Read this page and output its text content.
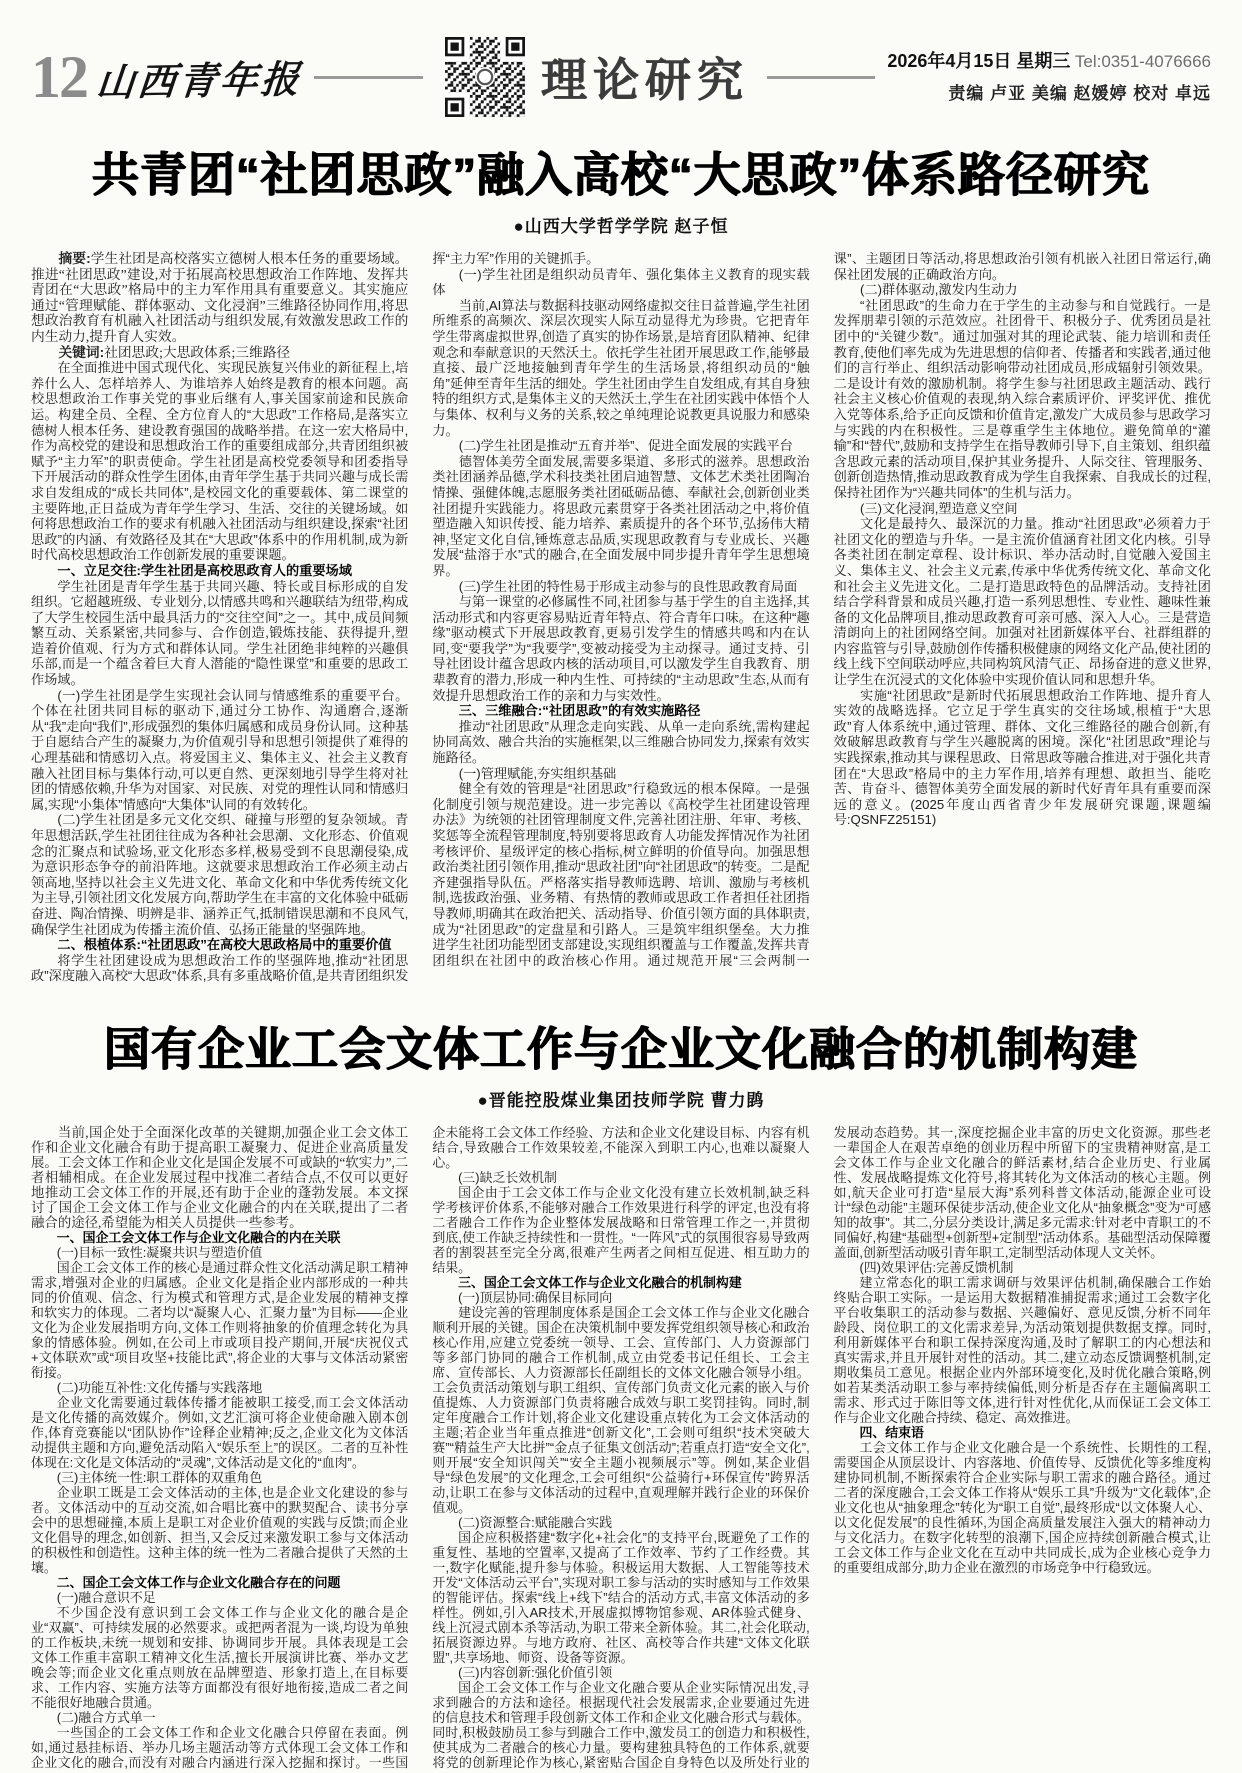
12 山西青年报	理论研究	2026年4月15日 星期三 Tel:0351-4076666
责编 卢亚 美编 赵媛婷 校对 卓远
共青团“社团思政”融入高校“大思政”体系路径研究
●山西大学哲学学院 赵子恒

摘要:学生社团是高校落实立德树人根本任务的重要场域。推进“社团思政”建设,对于拓展高校思想政治工作阵地、发挥共青团在“大思政”格局中的主力军作用具有重要意义。其实施应通过“管理赋能、群体驱动、文化浸润”三维路径协同作用,将思想政治教育有机融入社团活动与组织发展,有效激发思政工作的内生动力,提升育人实效。

关键词:社团思政;大思政体系;三维路径

在全面推进中国式现代化、实现民族复兴伟业的新征程上,培养什么人、怎样培养人、为谁培养人始终是教育的根本问题。高校思想政治工作事关党的事业后继有人,事关国家前途和民族命运。构建全员、全程、全方位育人的“大思政”工作格局,是落实立德树人根本任务、建设教育强国的战略举措。在这一宏大格局中,作为高校党的建设和思想政治工作的重要组成部分,共青团组织被赋予“主力军”的职责使命。学生社团是高校党委领导和团委指导下开展活动的群众性学生团体,由青年学生基于共同兴趣与成长需求自发组成的“成长共同体”,是校园文化的重要载体、第二课堂的主要阵地,正日益成为青年学生学习、生活、交往的关键场域。如何将思想政治工作的要求有机融入社团活动与组织建设,探索“社团思政”的内涵、有效路径及其在“大思政”体系中的作用机制,成为新时代高校思想政治工作创新发展的重要课题。

一、立足交往:学生社团是高校思政育人的重要场域

学生社团是青年学生基于共同兴趣、特长或目标形成的自发组织。它超越班级、专业划分,以情感共鸣和兴趣联结为纽带,构成了大学生校园生活中最具活力的“交往空间”之一。其中,成员间频繁互动、关系紧密,共同参与、合作创造,锻炼技能、获得提升,塑造着价值观、行为方式和群体认同。学生社团绝非纯粹的兴趣俱乐部,而是一个蕴含着巨大育人潜能的“隐性课堂”和重要的思政工作场域。

(一)学生社团是学生实现社会认同与情感维系的重要平台。个体在社团共同目标的驱动下,通过分工协作、沟通磨合,逐渐从“我”走向“我们”,形成强烈的集体归属感和成员身份认同。这种基于自愿结合产生的凝聚力,为价值观引导和思想引领提供了难得的心理基础和情感切入点。将爱国主义、集体主义、社会主义教育融入社团目标与集体行动,可以更自然、更深刻地引导学生将对社团的情感依赖,升华为对国家、对民族、对党的理性认同和情感归属,实现“小集体”情感向“大集体”认同的有效转化。

(二)学生社团是多元文化交织、碰撞与形塑的复杂领域。青年思想活跃,学生社团往往成为各种社会思潮、文化形态、价值观念的汇聚点和试验场,亚文化形态多样,极易受到不良思潮侵染,成为意识形态争夺的前沿阵地。这就要求思想政治工作必须主动占领高地,坚持以社会主义先进文化、革命文化和中华优秀传统文化为主导,引领社团文化发展方向,帮助学生在丰富的文化体验中砥砺奋进、陶冶情操、明辨是非、涵养正气,抵制错误思潮和不良风气,确保学生社团成为传播主流价值、弘扬正能量的坚强阵地。

二、根植体系:“社团思政”在高校大思政格局中的重要价值

将学生社团建设成为思想政治工作的坚强阵地,推动“社团思政”深度融入高校“大思政”体系,具有多重战略价值,是共青团组织发挥“主力军”作用的关键抓手。

(一)学生社团是组织动员青年、强化集体主义教育的现实载体

当前,AI算法与数据科技驱动网络虚拟交往日益普遍,学生社团所维系的高频次、深层次现实人际互动显得尤为珍贵。它把青年学生带离虚拟世界,创造了真实的协作场景,是培育团队精神、纪律观念和奉献意识的天然沃土。依托学生社团开展思政工作,能够最直接、最广泛地接触到青年学生的生活场景,将组织动员的“触角”延伸至青年生活的细处。学生社团由学生自发组成,有其自身独特的组织方式,是集体主义的天然沃土,学生在社团实践中体悟个人与集体、权利与义务的关系,较之单纯理论说教更具说服力和感染力。

(二)学生社团是推动“五育并举”、促进全面发展的实践平台

德智体美劳全面发展,需要多渠道、多形式的滋养。思想政治类社团涵养品德,学术科技类社团启迪智慧、文体艺术类社团陶冶情操、强健体魄,志愿服务类社团砥砺品德、奉献社会,创新创业类社团提升实践能力。将思政元素贯穿于各类社团活动之中,将价值塑造融入知识传授、能力培养、素质提升的各个环节,弘扬伟大精神,坚定文化自信,锤炼意志品质,实现思政教育与专业成长、兴趣发展“盐溶于水”式的融合,在全面发展中同步提升青年学生思想境界。

(三)学生社团的特性易于形成主动参与的良性思政教育局面

与第一课堂的必修属性不同,社团参与基于学生的自主选择,其活动形式和内容更容易贴近青年特点、符合青年口味。在这种“趣缘”驱动模式下开展思政教育,更易引发学生的情感共鸣和内在认同,变“要我学”为“我要学”,变被动接受为主动探寻。通过支持、引导社团设计蕴含思政内核的活动项目,可以激发学生自我教育、朋辈教育的潜力,形成一种内生性、可持续的“主动思政”生态,从而有效提升思想政治工作的亲和力与实效性。

三、三维融合:“社团思政”的有效实施路径

推动“社团思政”从理念走向实践、从单一走向系统,需构建起协同高效、融合共治的实施框架,以三维融合协同发力,探索有效实施路径。

(一)管理赋能,夯实组织基础

健全有效的管理是“社团思政”行稳致远的根本保障。一是强化制度引领与规范建设。进一步完善以《高校学生社团建设管理办法》为统领的社团管理制度文件,完善社团注册、年审、考核、奖惩等全流程管理制度,特别要将思政育人功能发挥情况作为社团考核评价、星级评定的核心指标,树立鲜明的价值导向。加强思想政治类社团引领作用,推动“思政社团”向“社团思政”的转变。二是配齐建强指导队伍。严格落实指导教师选聘、培训、激励与考核机制,选拔政治强、业务精、有热情的教师或思政工作者担任社团指导教师,明确其在政治把关、活动指导、价值引领方面的具体职责,成为“社团思政”的定盘星和引路人。三是筑牢组织堡垒。大力推进学生社团功能型团支部建设,实现组织覆盖与工作覆盖,发挥共青团组织在社团中的政治核心作用。通过规范开展“三会两制一课”、主题团日等活动,将思想政治引领有机嵌入社团日常运行,确保社团发展的正确政治方向。

(二)群体驱动,激发内生动力

“社团思政”的生命力在于学生的主动参与和自觉践行。一是发挥朋辈引领的示范效应。社团骨干、积极分子、优秀团员是社团中的“关键少数”。通过加强对其的理论武装、能力培训和责任教育,使他们率先成为先进思想的信仰者、传播者和实践者,通过他们的言行举止、组织活动影响带动社团成员,形成辐射引领效果。二是设计有效的激励机制。将学生参与社团思政主题活动、践行社会主义核心价值观的表现,纳入综合素质评价、评奖评优、推优入党等体系,给予正向反馈和价值肯定,激发广大成员参与思政学习与实践的内在积极性。三是尊重学生主体地位。避免简单的“灌输”和“替代”,鼓励和支持学生在指导教师引导下,自主策划、组织蕴含思政元素的活动项目,保护其业务提升、人际交往、管理服务、创新创造热情,推动思政教育成为学生自我探索、自我成长的过程,保持社团作为“兴趣共同体”的生机与活力。

(三)文化浸润,塑造意义空间

文化是最持久、最深沉的力量。推动“社团思政”必须着力于社团文化的塑造与升华。一是主流价值涵育社团文化内核。引导各类社团在制定章程、设计标识、举办活动时,自觉融入爱国主义、集体主义、社会主义元素,传承中华优秀传统文化、革命文化和社会主义先进文化。二是打造思政特色的品牌活动。支持社团结合学科背景和成员兴趣,打造一系列思想性、专业性、趣味性兼备的文化品牌项目,推动思政教育可亲可感、深入人心。三是营造清朗向上的社团网络空间。加强对社团新媒体平台、社群组群的内容监管与引导,鼓励创作传播积极健康的网络文化产品,使社团的线上线下空间联动呼应,共同构筑风清气正、昂扬奋进的意义世界,让学生在沉浸式的文化体验中实现价值认同和思想升华。

实施“社团思政”是新时代拓展思想政治工作阵地、提升育人实效的战略选择。它立足于学生真实的交往场域,根植于“大思政”育人体系统中,通过管理、群体、文化三维路径的融合创新,有效破解思政教育与学生兴趣脱离的困境。深化“社团思政”理论与实践探索,推动其与课程思政、日常思政等融合推进,对于强化共青团在“大思政”格局中的主力军作用,培养有理想、敢担当、能吃苦、肯奋斗、德智体美劳全面发展的新时代好青年具有重要而深远的意义。(2025年度山西省青少年发展研究课题,课题编号:QSNFZ25151)

国有企业工会文体工作与企业文化融合的机制构建
●晋能控股煤业集团技师学院 曹力鹍

当前,国企处于全面深化改革的关键期,加强企业工会文体工作和企业文化融合有助于提高职工凝聚力、促进企业高质量发展。工会文体工作和企业文化是国企发展不可或缺的“软实力”,二者相辅相成。在企业发展过程中找准二者结合点,不仅可以更好地推动工会文体工作的开展,还有助于企业的蓬勃发展。本文探讨了国企工会文体工作与企业文化融合的内在关联,提出了二者融合的途径,希望能为相关人员提供一些参考。

一、国企工会文体工作与企业文化融合的内在关联

(一)目标一致性:凝聚共识与塑造价值

国企工会文体工作的核心是通过群众性文化活动满足职工精神需求,增强对企业的归属感。企业文化是指企业内部形成的一种共同的价值观、信念、行为模式和管理方式,是企业发展的精神支撑和软实力的体现。二者均以“凝聚人心、汇聚力量”为目标——企业文化为企业发展指明方向,文体工作则将抽象的价值理念转化为具象的情感体验。例如,在公司上市或项目投产期间,开展“庆祝仪式+文体联欢”或“项目攻坚+技能比武”,将企业的大事与文体活动紧密衔接。

(二)功能互补性:文化传播与实践落地

企业文化需要通过载体传播才能被职工接受,而工会文体活动是文化传播的高效媒介。例如,文艺汇演可将企业使命融入剧本创作,体育竞赛能以“团队协作”诠释企业精神;反之,企业文化为文体活动提供主题和方向,避免活动陷入“娱乐至上”的误区。二者的互补性体现在:文化是文体活动的“灵魂”,文体活动是文化的“血肉”。

(三)主体统一性:职工群体的双重角色

企业职工既是工会文体活动的主体,也是企业文化建设的参与者。文体活动中的互动交流,如合唱比赛中的默契配合、读书分享会中的思想碰撞,本质上是职工对企业价值观的实践与反馈;而企业文化倡导的理念,如创新、担当,又会反过来激发职工参与文体活动的积极性和创造性。这种主体的统一性为二者融合提供了天然的土壤。

二、国企工会文体工作与企业文化融合存在的问题

(一)融合意识不足

不少国企没有意识到工会文体工作与企业文化的融合是企业“双赢”、可持续发展的必然要求。或把两者混为一谈,均设为单独的工作板块,未统一规划和安排、协调同步开展。具体表现是工会文体工作重丰富职工精神文化生活,擅长开展演讲比赛、举办文艺晚会等;而企业文化重点则放在品牌塑造、形象打造上,在目标要求、工作内容、实施方法等方面都没有很好地衔接,造成二者之间不能很好地融合贯通。

(二)融合方式单一

一些国企的工会文体工作和企业文化融合只停留在表面。例如,通过悬挂标语、举办几场主题活动等方式体现工会文体工作和企业文化的融合,而没有对融合内涵进行深入挖掘和探讨。一些国企未能将工会文体工作经验、方法和企业文化建设目标、内容有机结合,导致融合工作效果较差,不能深入到职工内心,也难以凝聚人心。

(三)缺乏长效机制

国企由于工会文体工作与企业文化没有建立长效机制,缺乏科学考核评价体系,不能够对融合工作效果进行科学的评定,也没有将二者融合工作作为企业整体发展战略和日常管理工作之一,并贯彻到底,使工作缺乏持续性和一贯性。“一阵风”式的氛围很容易导致两者的割裂甚至完全分离,很难产生两者之间相互促进、相互助力的结果。

三、国企工会文体工作与企业文化融合的机制构建

(一)顶层协同:确保目标同向

建设完善的管理制度体系是国企工会文体工作与企业文化融合顺利开展的关键。国企在决策机制中要发挥党组织领导核心和政治核心作用,应建立党委统一领导、工会、宣传部门、人力资源部门等多部门协同的融合工作机制,成立由党委书记任组长、工会主席、宣传部长、人力资源部长任副组长的文体文化融合领导小组。工会负责活动策划与职工组织、宣传部门负责文化元素的嵌入与价值提炼、人力资源部门负责将融合成效与职工奖罚挂钩。同时,制定年度融合工作计划,将企业文化建设重点转化为工会文体活动的主题;若企业当年重点推进“创新文化”,工会则可组织“技术突破大赛”“精益生产大比拼”“金点子征集文创活动”;若重点打造“安全文化”,则开展“安全知识闯关”“安全主题小视频展示”等。例如,某企业倡导“绿色发展”的文化理念,工会可组织“公益骑行+环保宣传”跨界活动,让职工在参与文体活动的过程中,直观理解并践行企业的环保价值观。

(二)资源整合:赋能融合实践

国企应积极搭建“数字化+社会化”的支持平台,既避免了工作的重复性、基地的空置率,又提高了工作效率、节约了工作经费。其一,数字化赋能,提升参与体验。积极运用大数据、人工智能等技术开发“文体活动云平台”,实现对职工参与活动的实时感知与工作效果的智能评估。探索“线上+线下”结合的活动方式,丰富文体活动的多样性。例如,引入AR技术,开展虚拟博物馆参观、AR体验式健身、线上沉浸式剧本杀等活动,为职工带来全新体验。其二,社会化联动,拓展资源边界。与地方政府、社区、高校等合作共建“文体文化联盟”,共享场地、师资、设备等资源。

(三)内容创新:强化价值引领

国企工会文体工作与企业文化融合要从企业实际情况出发,寻求到融合的方法和途径。根据现代社会发展需求,企业要通过先进的信息技术和管理手段创新文体工作和企业文化融合形式与载体。同时,积极鼓励员工参与到融合工作中,激发员工的创造力和积极性,使其成为二者融合的核心力量。要构建独具特色的工作体系,就要将党的创新理论作为核心,紧密贴合国企自身特色以及所处行业的发展动态趋势。其一,深度挖掘企业丰富的历史文化资源。那些老一辈国企人在艰苦卓绝的创业历程中所留下的宝贵精神财富,是工会文体工作与企业文化融合的鲜活素材,结合企业历史、行业属性、发展战略提炼文化符号,将其转化为文体活动的核心主题。例如,航天企业可打造“星辰大海”系列科普文体活动,能源企业可设计“绿色动能”主题环保徒步活动,使企业文化从“抽象概念”变为“可感知的故事”。其二,分层分类设计,满足多元需求:针对老中青职工的不同偏好,构建“基础型+创新型+定制型”活动体系。基础型活动保障覆盖面,创新型活动吸引青年职工,定制型活动体现人文关怀。

(四)效果评估:完善反馈机制

建立常态化的职工需求调研与效果评估机制,确保融合工作始终贴合职工实际。一是运用大数据精准捕捉需求;通过工会数字化平台收集职工的活动参与数据、兴趣偏好、意见反馈,分析不同年龄段、岗位职工的文化需求差异,为活动策划提供数据支撑。同时,利用新媒体平台和职工保持深度沟通,及时了解职工的内心想法和真实需求,并且开展针对性的活动。其二,建立动态反馈调整机制,定期收集员工意见。根据企业内外部环境变化,及时优化融合策略,例如若某类活动职工参与率持续偏低,则分析是否存在主题偏离职工需求、形式过于陈旧等文体,进行针对性优化,从而保证工会文体工作与企业文化融合持续、稳定、高效推进。

四、结束语

工会文体工作与企业文化融合是一个系统性、长期性的工程,需要国企从顶层设计、内容落地、价值传导、反馈优化等多维度构建协同机制,不断探索符合企业实际与职工需求的融合路径。通过二者的深度融合,工会文体工作将从“娱乐工具”升级为“文化载体”,企业文化也从“抽象理念”转化为“职工自觉”,最终形成“以文体聚人心、以文化促发展”的良性循环,为国企高质量发展注入强大的精神动力与文化活力。在数字化转型的浪潮下,国企应持续创新融合模式,让工会文体工作与企业文化在互动中共同成长,成为企业核心竞争力的重要组成部分,助力企业在激烈的市场竞争中行稳致远。
